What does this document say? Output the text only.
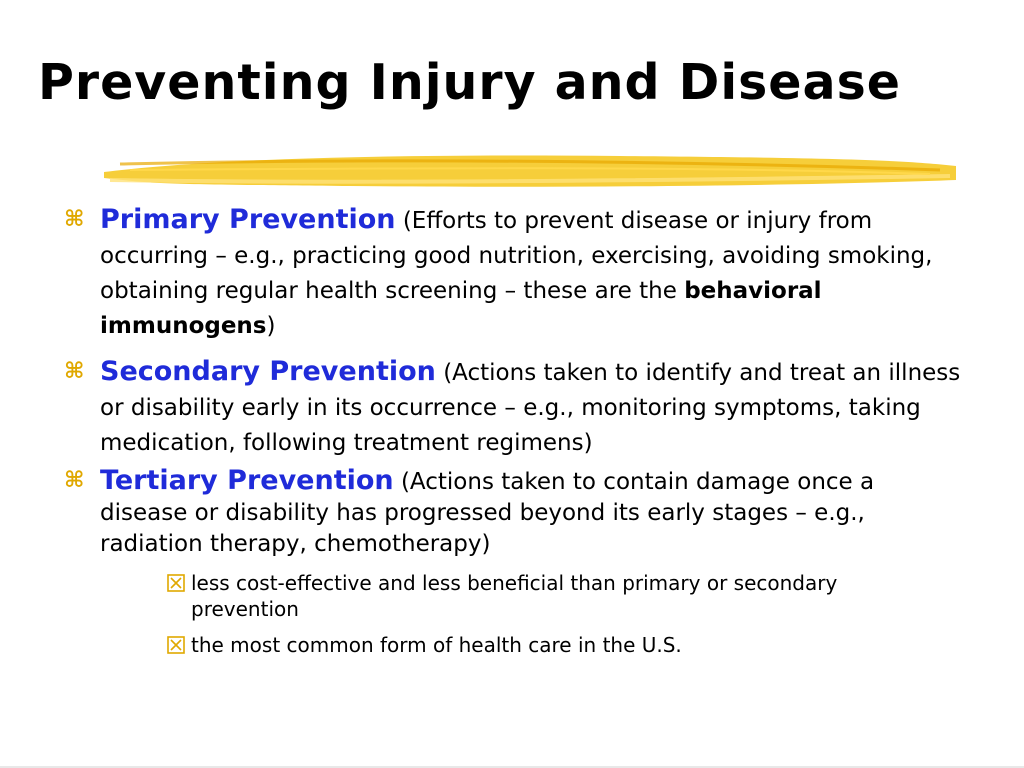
Preventing Injury and Disease
⌘ Primary Prevention (Efforts to prevent disease or injury from occurring – e.g., practicing good nutrition, exercising, avoiding smoking, obtaining regular health screening – these are the behavioral immunogens)
⌘ Secondary Prevention (Actions taken to identify and treat an illness or disability early in its occurrence – e.g., monitoring symptoms, taking medication, following treatment regimens)
⌘ Tertiary Prevention (Actions taken to contain damage once a disease or disability has progressed beyond its early stages – e.g., radiation therapy, chemotherapy)
less cost-effective and less beneficial than primary or secondary prevention
the most common form of health care in the U.S.
